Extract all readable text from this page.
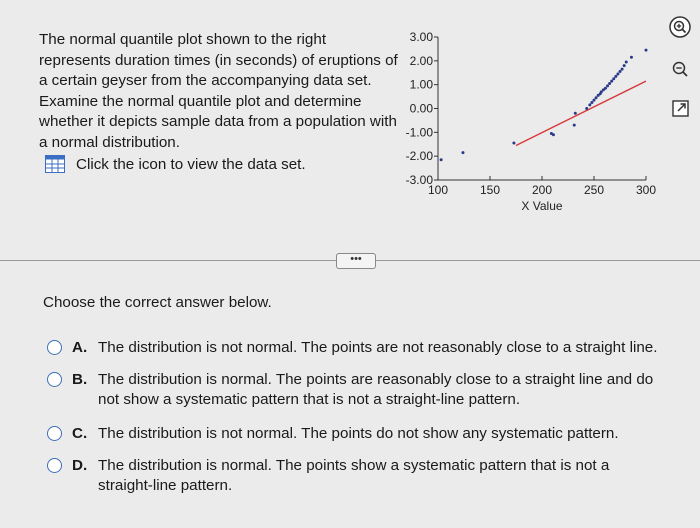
The normal quantile plot shown to the right represents duration times (in seconds) of eruptions of a certain geyser from the accompanying data set. Examine the normal quantile plot and determine whether it depicts sample data from a population with a normal distribution.
Click the icon to view the data set.
3.00
2.00
1.00
0.00
-1.00
-2.00
-3.00
100	150	200	250	300
X Value
•••
Choose the correct answer below.
A. The distribution is not normal. The points are not reasonably close to a straight line.
B. The distribution is normal. The points are reasonably close to a straight line and do not show a systematic pattern that is not a straight-line pattern.
C. The distribution is not normal. The points do not show any systematic pattern.
D. The distribution is normal. The points show a systematic pattern that is not a straight-line pattern.
